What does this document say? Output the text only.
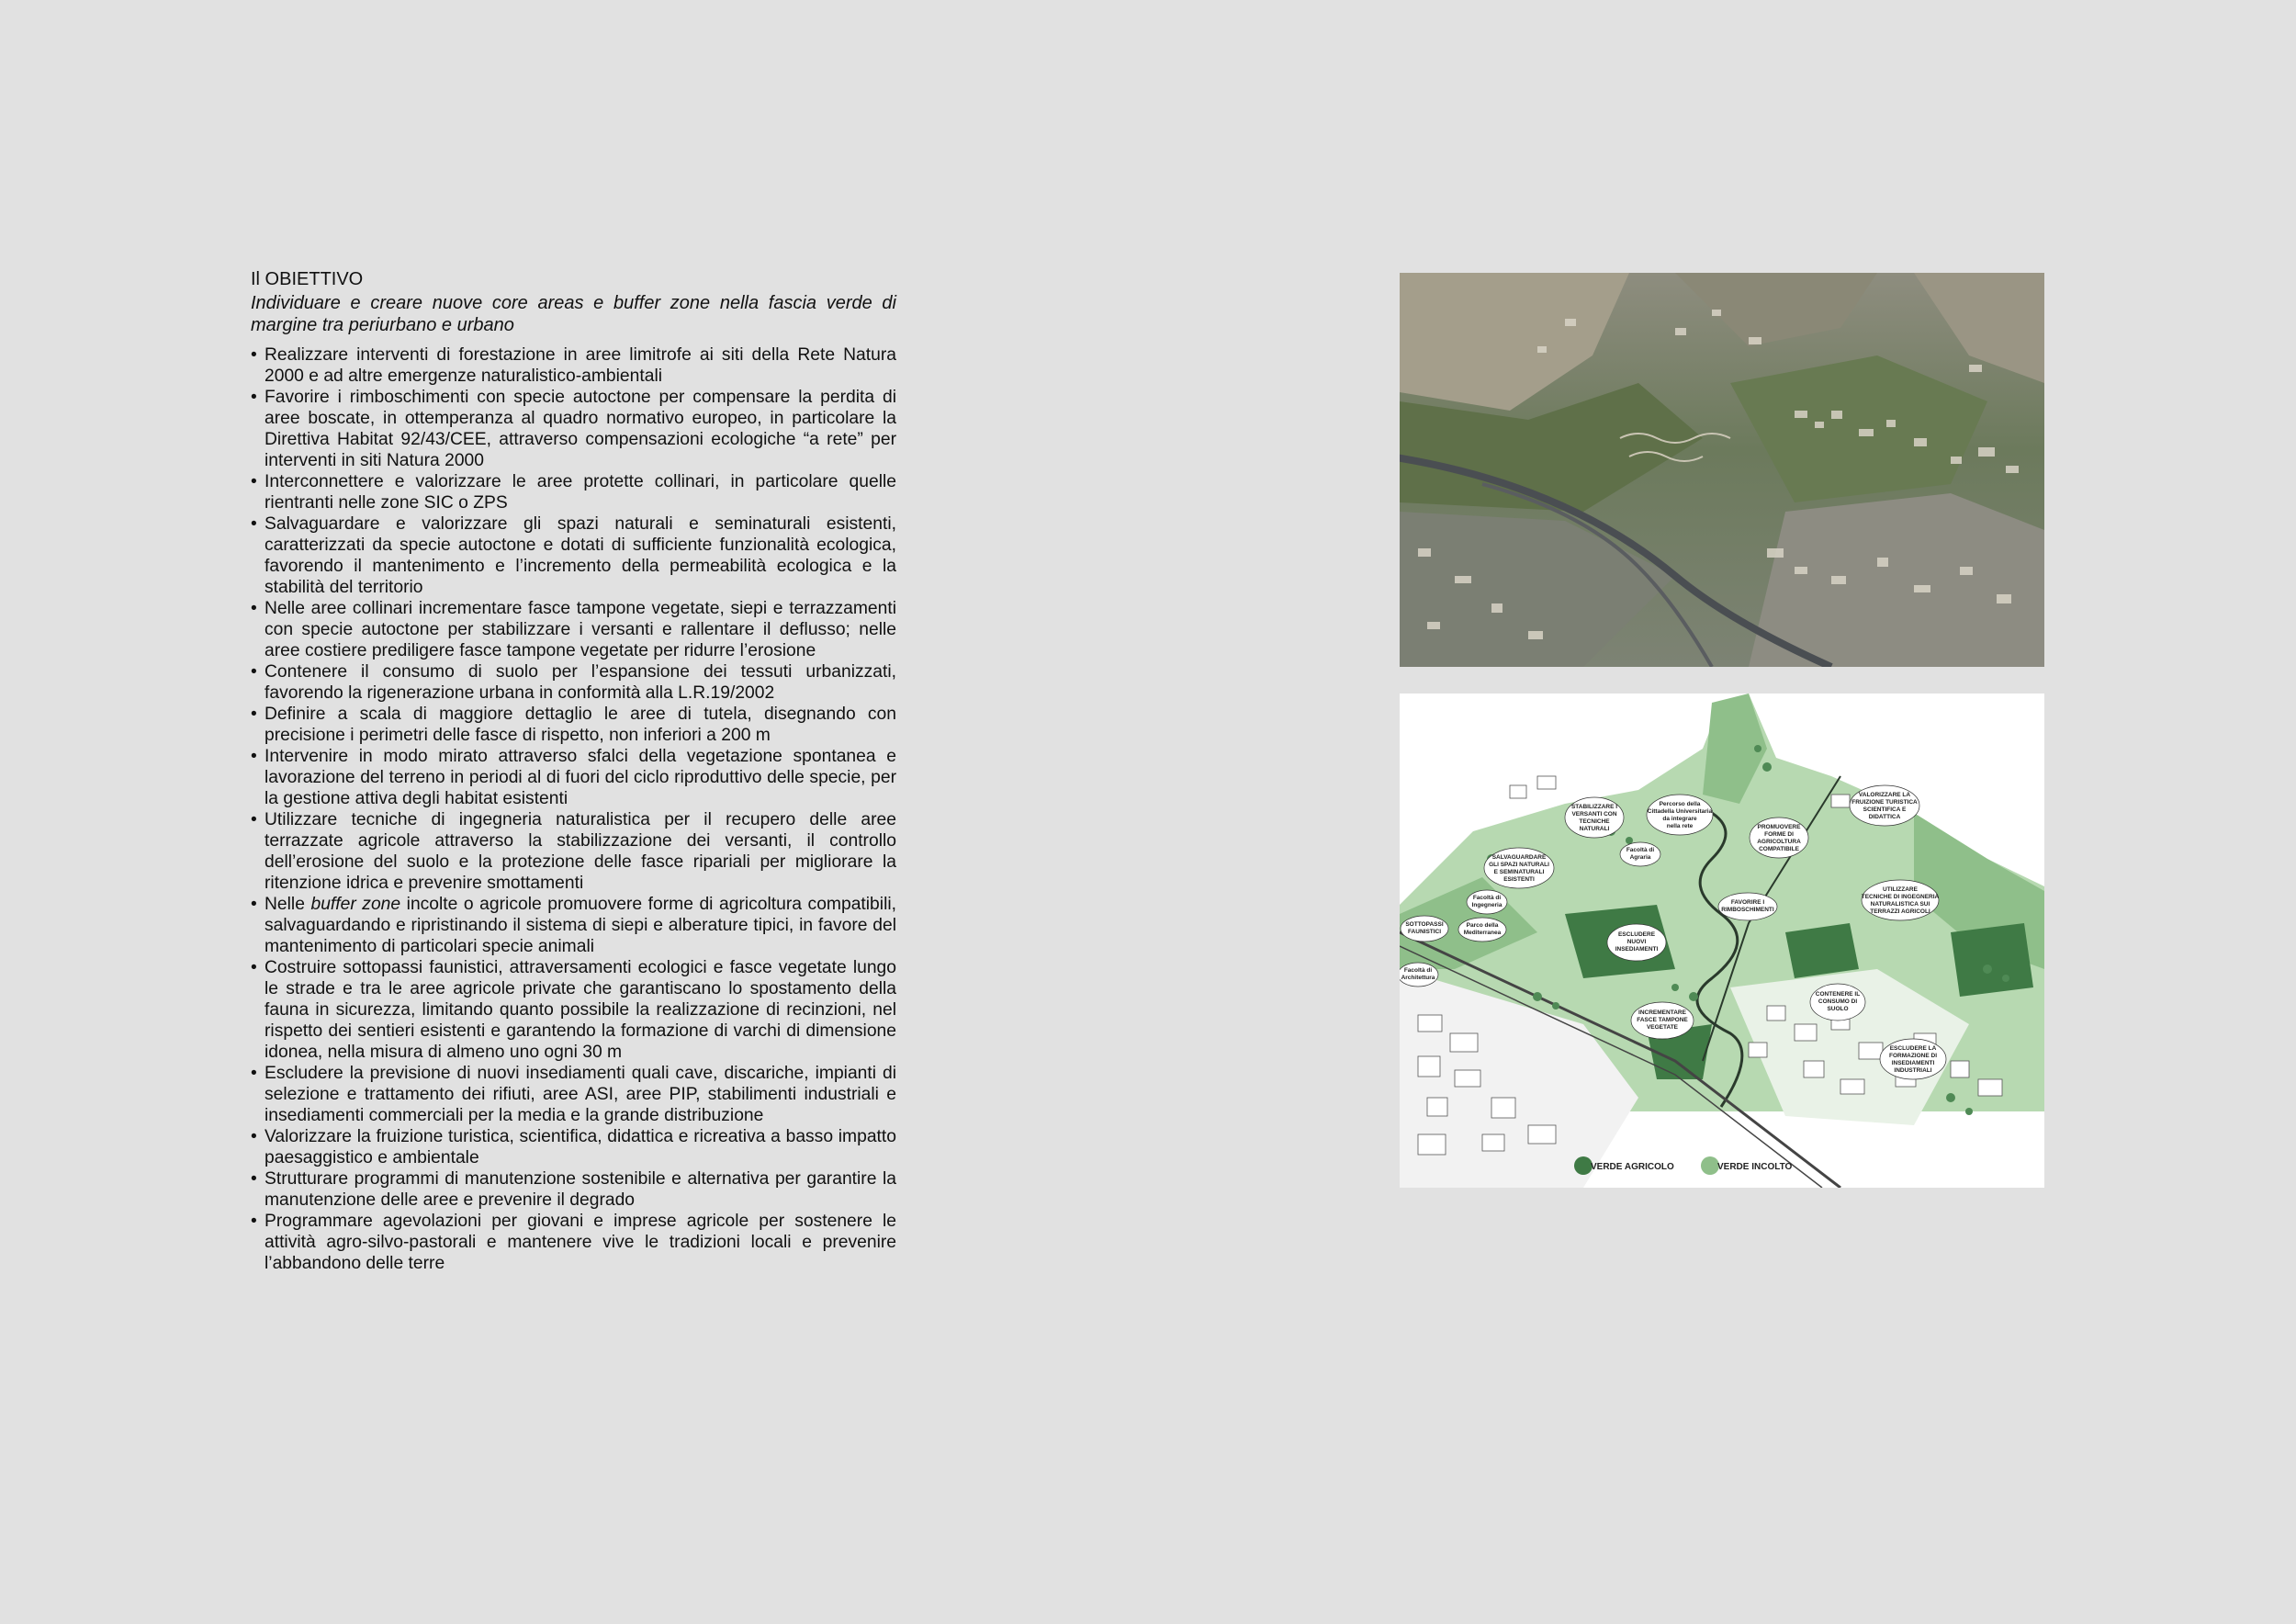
Il OBIETTIVO

Individuare e creare nuove core areas e buffer zone nella fascia verde di margine tra periurbano e urbano

• Realizzare interventi di forestazione in aree limitrofe ai siti della Rete Natura 2000 e ad altre emergenze naturalistico-ambientali
• Favorire i rimboschimenti con specie autoctone per compensare la perdita di aree boscate, in ottemperanza al quadro normativo europeo, in particolare la Direttiva Habitat 92/43/CEE, attraverso compensazioni ecologiche “a rete” per interventi in siti Natura 2000
• Interconnettere e valorizzare le aree protette collinari, in particolare quelle rientranti nelle zone SIC o ZPS
• Salvaguardare e valorizzare gli spazi naturali e seminaturali esistenti, caratterizzati da specie autoctone e dotati di sufficiente funzionalità ecologica, favorendo il mantenimento e l’incremento della permeabilità ecologica e la stabilità del territorio
• Nelle aree collinari incrementare fasce tampone vegetate, siepi e terrazzamenti con specie autoctone per stabilizzare i versanti e rallentare il deflusso; nelle aree costiere prediligere fasce tampone vegetate per ridurre l’erosione
• Contenere il consumo di suolo per l’espansione dei tessuti urbanizzati, favorendo la rigenerazione urbana in conformità alla L.R.19/2002
• Definire a scala di maggiore dettaglio le aree di tutela, disegnando con precisione i perimetri delle fasce di rispetto, non inferiori a 200 m
• Intervenire in modo mirato attraverso sfalci della vegetazione spontanea e lavorazione del terreno in periodi al di fuori del ciclo riproduttivo delle specie, per la gestione attiva degli habitat esistenti
• Utilizzare tecniche di ingegneria naturalistica per il recupero delle aree terrazzate agricole attraverso la stabilizzazione dei versanti, il controllo dell’erosione del suolo e la protezione delle fasce ripariali per migliorare la ritenzione idrica e prevenire smottamenti
• Nelle buffer zone incolte o agricole promuovere forme di agricoltura compatibili, salvaguardando e ripristinando il sistema di siepi e alberature tipici, in favore del mantenimento di particolari specie animali
• Costruire sottopassi faunistici, attraversamenti ecologici e fasce vegetate lungo le strade e tra le aree agricole private che garantiscano lo spostamento della fauna in sicurezza, limitando quanto possibile la realizzazione di recinzioni, nel rispetto dei sentieri esistenti e garantendo la formazione di varchi di dimensione idonea, nella misura di almeno uno ogni 30 m
• Escludere la previsione di nuovi insediamenti quali cave, discariche, impianti di selezione e trattamento dei rifiuti, aree ASI, aree PIP, stabilimenti industriali e insediamenti commerciali per la media e la grande distribuzione
• Valorizzare la fruizione turistica, scientifica, didattica e ricreativa a basso impatto paesaggistico e ambientale
• Strutturare programmi di manutenzione sostenibile e alternativa per garantire la manutenzione delle aree e prevenire il degrado
• Programmare agevolazioni per giovani e imprese agricole per sostenere le attività agro-silvo-pastorali e mantenere vive le tradizioni locali e prevenire l’abbandono delle terre
STABILIZZARE I
VERSANTI CON
TECNICHE
NATURALI
Percorso della
Cittadella Universitaria
da integrare
nella rete	PROMUOVERE
FORME DI
AGRICOLTURA
COMPATIBILE
VALORIZZARE LA
FRUIZIONE TURISTICA
SCIENTIFICA E
DIDATTICA
SALVAGUARDARE
GLI SPAZI NATURALI
E SEMINATURALI
ESISTENTI
Facoltà di
Agraria
Facoltà di
Ingegneria	FAVORIRE I
RIMBOSCHIMENTI
UTILIZZARE
TECNICHE DI INGEGNERIA
NATURALISTICA SUI
TERRAZZI AGRICOLI
SOTTOPASSI
FAUNISTICI
Parco della
Mediterranea	ESCLUDERE
NUOVI
INSEDIAMENTI
Facoltà di
Architettura
CONTENERE IL
CONSUMO DI
SUOLO
INCREMENTARE
FASCE TAMPONE
VEGETATE
ESCLUDERE LA
FORMAZIONE DI
INSEDIAMENTI
INDUSTRIALI
VERDE AGRICOLO	VERDE INCOLTO
